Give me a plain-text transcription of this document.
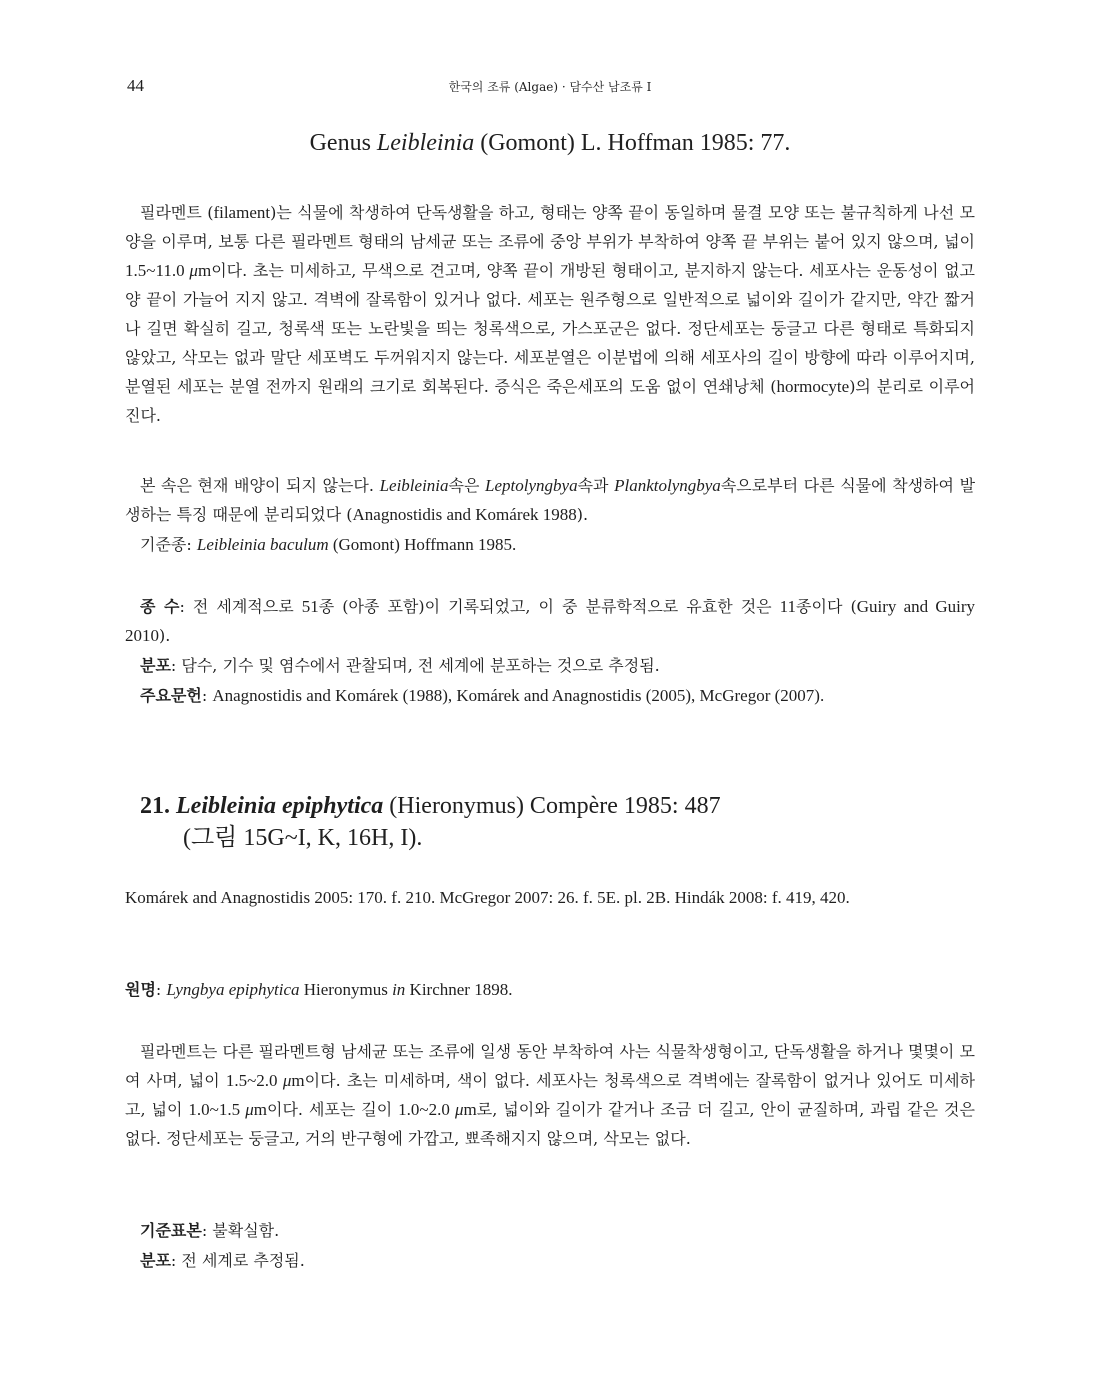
44	한국의 조류 (Algae) · 담수산 남조류 I
Genus Leibleinia (Gomont) L. Hoffman 1985: 77.

필라멘트 (filament)는 식물에 착생하여 단독생활을 하고, 형태는 양쪽 끝이 동일하며 물결 모양 또는 불규칙하게 나선 모양을 이루며, 보통 다른 필라멘트 형태의 남세균 또는 조류에 중앙 부위가 부착하여 양쪽 끝 부위는 붙어 있지 않으며, 넓이 1.5~11.0 μm이다. 초는 미세하고, 무색으로 견고며, 양쪽 끝이 개방된 형태이고, 분지하지 않는다. 세포사는 운동성이 없고 양 끝이 가늘어 지지 않고. 격벽에 잘록함이 있거나 없다. 세포는 원주형으로 일반적으로 넓이와 길이가 같지만, 약간 짧거나 길면 확실히 길고, 청록색 또는 노란빛을 띄는 청록색으로, 가스포군은 없다. 정단세포는 둥글고 다른 형태로 특화되지 않았고, 삭모는 없과 말단 세포벽도 두꺼워지지 않는다. 세포분열은 이분법에 의해 세포사의 길이 방향에 따라 이루어지며, 분열된 세포는 분열 전까지 원래의 크기로 회복된다. 증식은 죽은세포의 도움 없이 연쇄낭체 (hormocyte)의 분리로 이루어 진다.

본 속은 현재 배양이 되지 않는다. Leibleinia속은 Leptolyngbya속과 Planktolyngbya속으로부터 다른 식물에 착생하여 발생하는 특징 때문에 분리되었다 (Anagnostidis and Komárek 1988).

기준종: Leibleinia baculum (Gomont) Hoffmann 1985.

종 수: 전 세계적으로 51종 (아종 포함)이 기록되었고, 이 중 분류학적으로 유효한 것은 11종이다 (Guiry and Guiry 2010).

분포: 담수, 기수 및 염수에서 관찰되며, 전 세계에 분포하는 것으로 추정됨.

주요문헌: Anagnostidis and Komárek (1988), Komárek and Anagnostidis (2005), McGregor (2007).

21. Leibleinia epiphytica (Hieronymus) Compère 1985: 487
(그림 15G~I, K, 16H, I).

Komárek and Anagnostidis 2005: 170. f. 210. McGregor 2007: 26. f. 5E. pl. 2B. Hindák 2008: f. 419, 420.

원명: Lyngbya epiphytica Hieronymus in Kirchner 1898.

필라멘트는 다른 필라멘트형 남세균 또는 조류에 일생 동안 부착하여 사는 식물착생형이고, 단독생활을 하거나 몇몇이 모여 사며, 넓이 1.5~2.0 μm이다. 초는 미세하며, 색이 없다. 세포사는 청록색으로 격벽에는 잘록함이 없거나 있어도 미세하고, 넓이 1.0~1.5 μm이다. 세포는 길이 1.0~2.0 μm로, 넓이와 길이가 같거나 조금 더 길고, 안이 균질하며, 과립 같은 것은 없다. 정단세포는 둥글고, 거의 반구형에 가깝고, 뾰족해지지 않으며, 삭모는 없다.

기준표본: 불확실함.

분포: 전 세계로 추정됨.
